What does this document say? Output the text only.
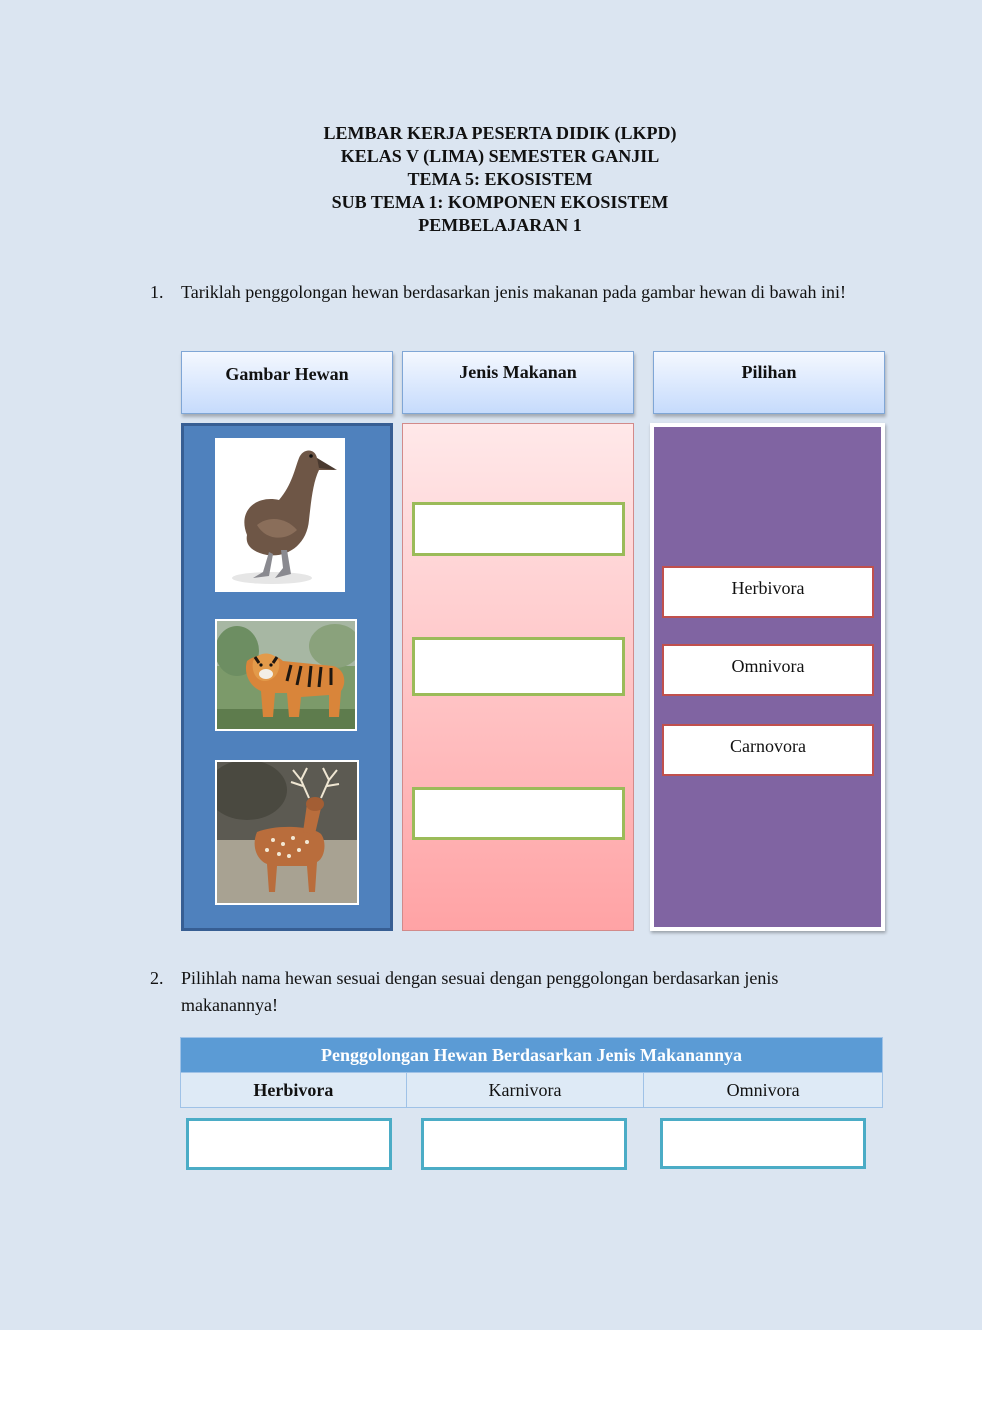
LEMBAR KERJA PESERTA DIDIK (LKPD)
KELAS V (LIMA) SEMESTER GANJIL
TEMA 5: EKOSISTEM
SUB TEMA 1: KOMPONEN EKOSISTEM
PEMBELAJARAN 1
1. Tariklah penggolongan hewan berdasarkan jenis makanan pada gambar hewan di bawah ini!
Gambar Hewan	Jenis Makanan	Pilihan
Herbivora
Omnivora
Carnovora
2. Pilihlah nama hewan sesuai dengan sesuai dengan penggolongan berdasarkan jenis makanannya!
Penggolongan Hewan Berdasarkan Jenis Makanannya
Herbivora	Karnivora	Omnivora
